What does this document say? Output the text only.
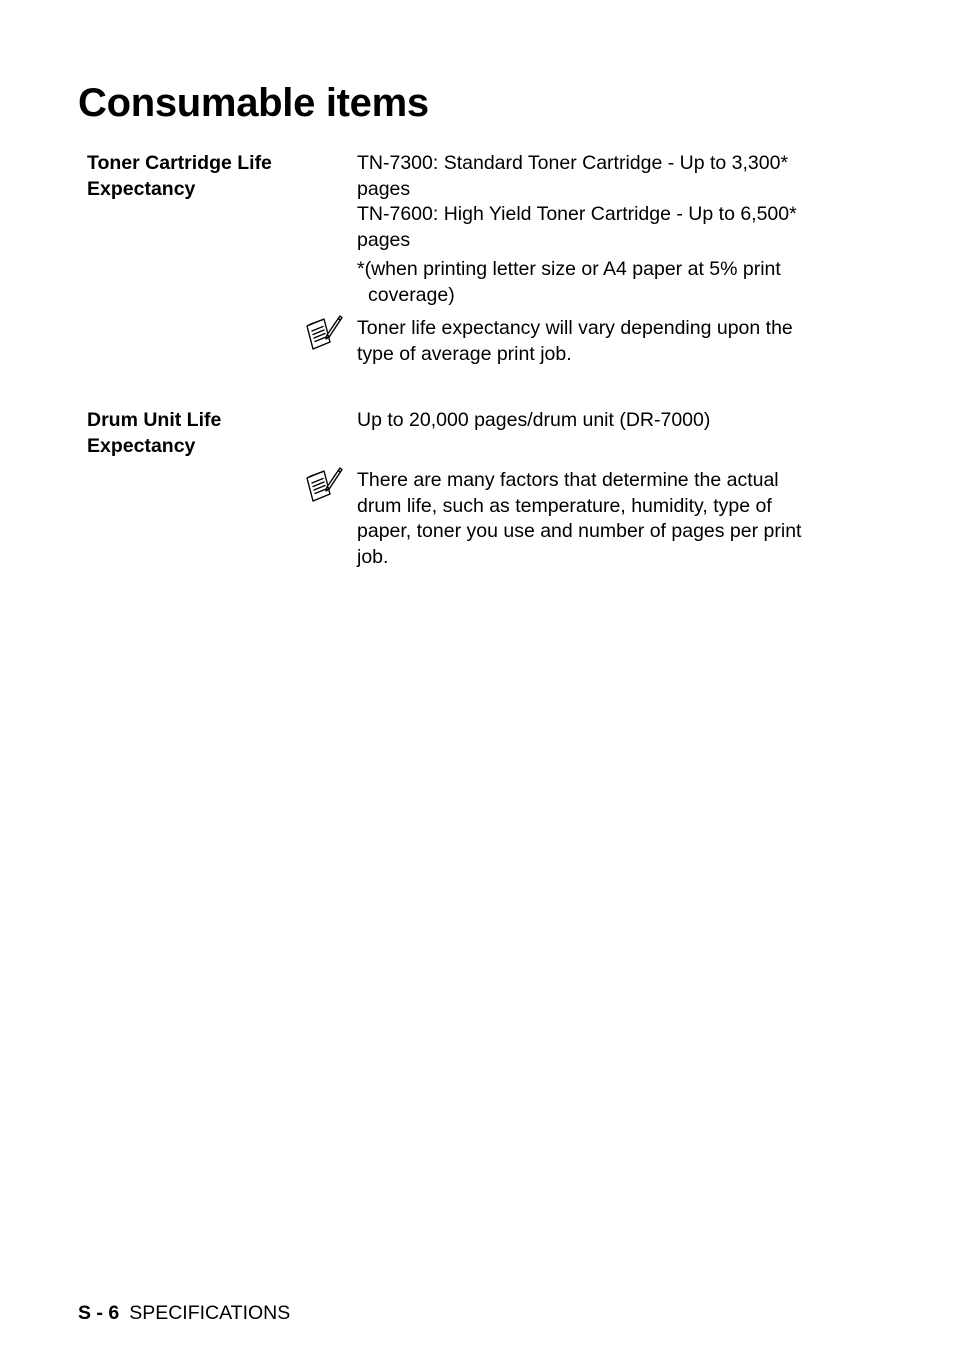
Consumable items
Toner Cartridge Life Expectancy

TN-7300: Standard Toner Cartridge - Up to 3,300* pages

TN-7600: High Yield Toner Cartridge - Up to 6,500* pages

*(when printing letter size or A4 paper at 5% print coverage)

Toner life expectancy will vary depending upon the type of average print job.
Drum Unit Life Expectancy
Up to 20,000 pages/drum unit (DR-7000)
There are many factors that determine the actual drum life, such as temperature, humidity, type of paper, toner you use and number of pages per print job.
S - 6 SPECIFICATIONS
